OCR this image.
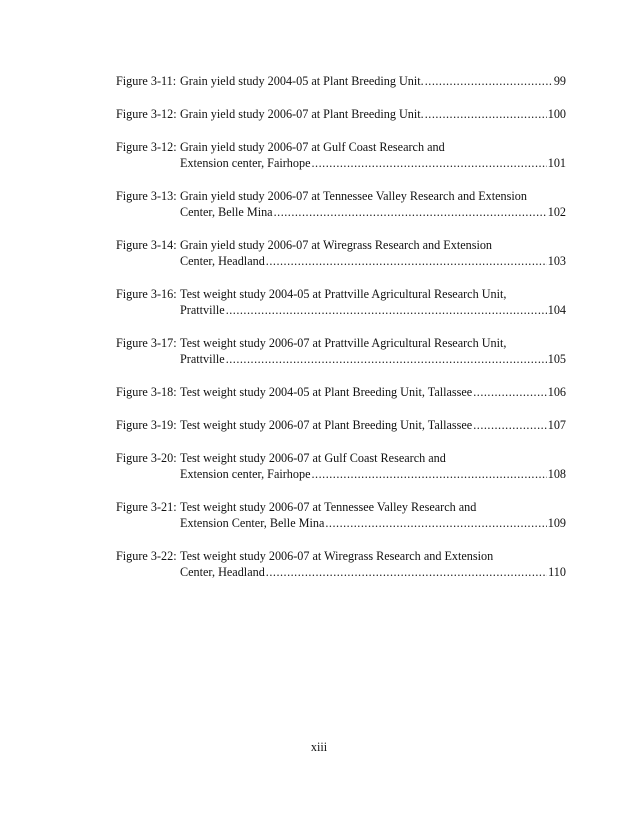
Figure 3-11: Grain yield study 2004-05 at Plant Breeding Unit. .....	99
Figure 3-12: Grain yield study 2006-07 at Plant Breeding Unit. .....	100
Figure 3-12: Grain yield study 2006-07 at Gulf Coast Research and
Extension center, Fairhope .....	101
Figure 3-13: Grain yield study 2006-07 at Tennessee Valley Research and Extension
Center, Belle Mina .....	102
Figure 3-14: Grain yield study 2006-07 at Wiregrass Research and Extension
Center, Headland .....	103
Figure 3-16: Test weight study 2004-05 at Prattville Agricultural Research Unit,
Prattville .....	104
Figure 3-17: Test weight study 2006-07 at Prattville Agricultural Research Unit,
Prattville .....	105
Figure 3-18: Test weight study 2004-05 at Plant Breeding Unit, Tallassee .....	106
Figure 3-19: Test weight study 2006-07 at Plant Breeding Unit, Tallassee .....	107
Figure 3-20: Test weight study 2006-07 at Gulf Coast Research and
Extension center, Fairhope .....	108
Figure 3-21: Test weight study 2006-07 at Tennessee Valley Research and
Extension Center, Belle Mina .....	109
Figure 3-22: Test weight study 2006-07 at Wiregrass Research and Extension
Center, Headland .....	110
xiii
